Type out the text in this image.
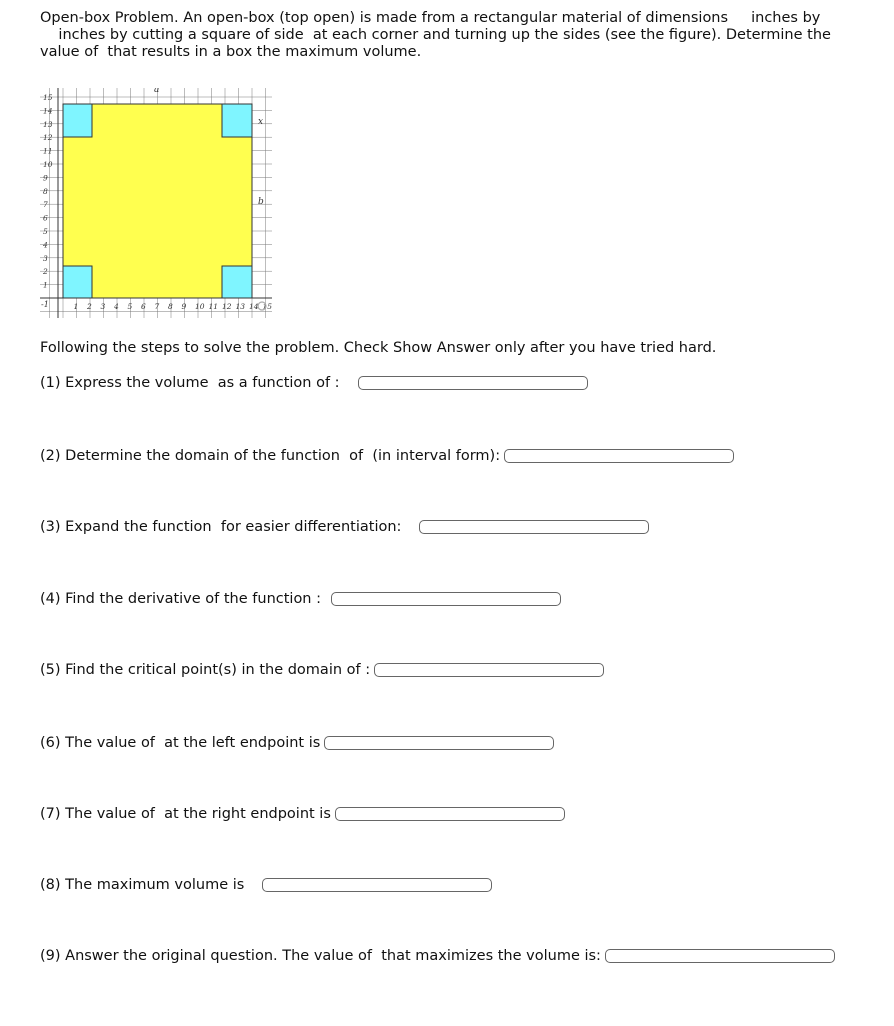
Open-box Problem. An open-box (top open) is made from a rectangular material of dimensions     inches by
inches by cutting a square of side  at each corner and turning up the sides (see the figure). Determine the
value of  that results in a box the maximum volume.
1 2 3 4 5 6 7 8 9 10 11 12 13 14 15
1
2
3
4
5
6
7
8
9
10
11
12
13
14
15
-1
a
x
b
Following the steps to solve the problem. Check Show Answer only after you have tried hard.
(1) Express the volume  as a function of :
(2) Determine the domain of the function  of  (in interval form):
(3) Expand the function  for easier differentiation:
(4) Find the derivative of the function :
(5) Find the critical point(s) in the domain of :
(6) The value of  at the left endpoint is
(7) The value of  at the right endpoint is
(8) The maximum volume is
(9) Answer the original question. The value of  that maximizes the volume is:
